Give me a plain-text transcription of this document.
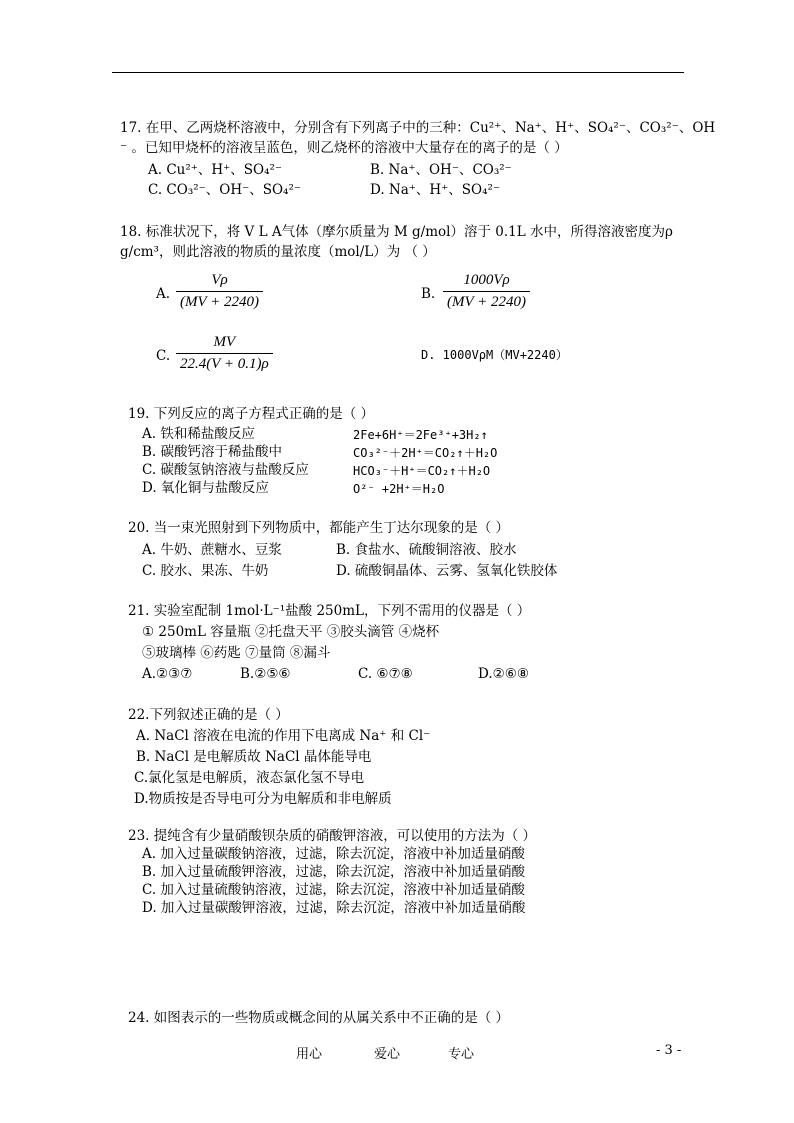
17. 在甲、乙两烧杯溶液中，分别含有下列离子中的三种：Cu²⁺、Na⁺、H⁺、SO₄²⁻、CO₃²⁻、OH
⁻ 。已知甲烧杯的溶液呈蓝色，则乙烧杯的溶液中大量存在的离子的是（ ）
A. Cu²⁺、H⁺、SO₄²⁻	B. Na⁺、OH⁻、CO₃²⁻
C. CO₃²⁻、OH⁻、SO₄²⁻	D. Na⁺、H⁺、SO₄²⁻
18. 标准状况下，将 V L A气体（摩尔质量为 M g/mol）溶于 0.1L 水中，所得溶液密度为ρ
g/cm³，则此溶液的物质的量浓度（mol/L）为 （ ）
A. $\frac{V\rho}{(MV + 2240)}$	B. $\frac{1000V\rho}{(MV + 2240)}$
C. $\frac{MV}{22.4(V + 0.1)\rho}$	D. 1000VρM（MV+2240）
19. 下列反应的离子方程式正确的是（ ）
A. 铁和稀盐酸反应	2Fe+6H⁺＝2Fe³⁺+3H₂↑
B. 碳酸钙溶于稀盐酸中	CO₃²⁻＋2H⁺＝CO₂↑＋H₂O
C. 碳酸氢钠溶液与盐酸反应	HCO₃⁻＋H⁺＝CO₂↑＋H₂O
D. 氧化铜与盐酸反应	O²⁻ +2H⁺＝H₂O
20. 当一束光照射到下列物质中，都能产生丁达尔现象的是（ ）
A. 牛奶、蔗糖水、豆浆	B. 食盐水、硫酸铜溶液、胶水
C. 胶水、果冻、牛奶	D. 硫酸铜晶体、云雾、氢氧化铁胶体
21. 实验室配制 1mol·L⁻¹盐酸 250mL，下列不需用的仪器是（ ）
① 250mL 容量瓶 ②托盘天平 ③胶头滴管 ④烧杯
⑤玻璃棒 ⑥药匙 ⑦量筒 ⑧漏斗
A.②③⑦	B.②⑤⑥	C. ⑥⑦⑧	D.②⑥⑧
22.下列叙述正确的是（ ）
A. NaCl 溶液在电流的作用下电离成 Na⁺ 和 Cl⁻
B. NaCl 是电解质故 NaCl 晶体能导电
C.氯化氢是电解质，液态氯化氢不导电
D.物质按是否导电可分为电解质和非电解质
23. 提纯含有少量硝酸钡杂质的硝酸钾溶液，可以使用的方法为（ ）
A. 加入过量碳酸钠溶液，过滤，除去沉淀，溶液中补加适量硝酸
B. 加入过量硫酸钾溶液，过滤，除去沉淀，溶液中补加适量硝酸
C. 加入过量硫酸钠溶液，过滤，除去沉淀，溶液中补加适量硝酸
D. 加入过量碳酸钾溶液，过滤，除去沉淀，溶液中补加适量硝酸
24. 如图表示的一些物质或概念间的从属关系中不正确的是（ ）
用心	爱心	专心	- 3 -
